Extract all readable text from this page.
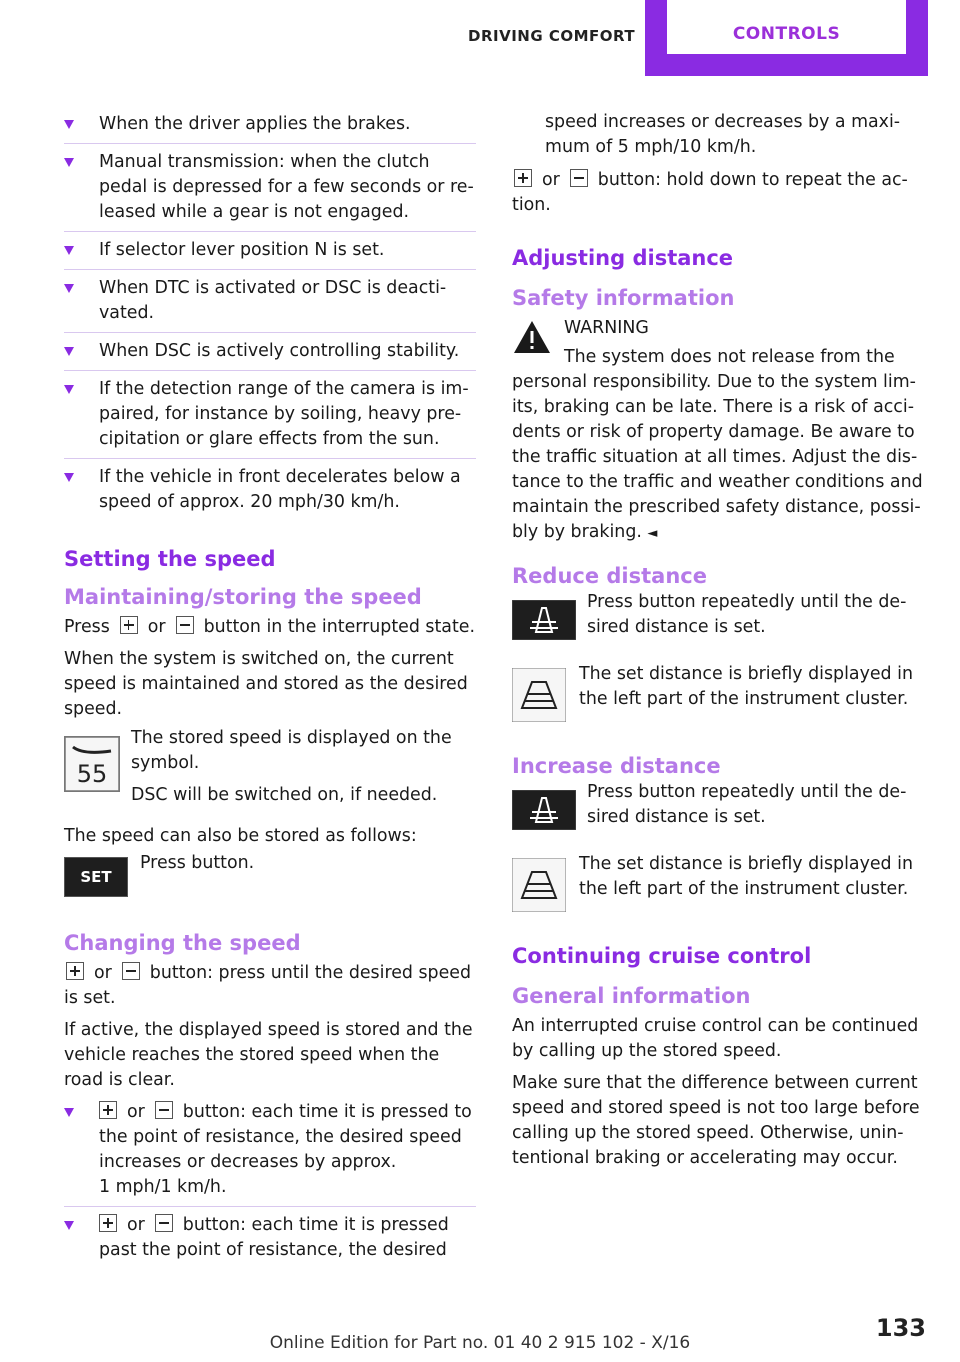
DRIVING COMFORT	CONTROLS
When the driver applies the brakes.
Manual transmission: when the clutch pedal is depressed for a few seconds or re‐leased while a gear is not engaged.
If selector lever position N is set.
When DTC is activated or DSC is deacti‐vated.
When DSC is actively controlling stability.
If the detection range of the camera is im‐paired, for instance by soiling, heavy pre‐cipitation or glare effects from the sun.
If the vehicle in front decelerates below a speed of approx. 20 mph/30 km/h.
Setting the speed
Maintaining/storing the speed

Press or button in the interrupted state.

When the system is switched on, the current speed is maintained and stored as the desired speed.

55

The stored speed is displayed on the symbol.

DSC will be switched on, if needed.

The speed can also be stored as follows:

SET

Press button.

Changing the speed

or button: press until the desired speed is set.

If active, the displayed speed is stored and the vehicle reaches the stored speed when the road is clear.

or button: each time it is pressed to the point of resistance, the desired speed increases or decreases by approx.
1 mph/1 km/h.
or button: each time it is pressed past the point of resistance, the desired

speed increases or decreases by a maxi‐mum of 5 mph/10 km/h.

or button: hold down to repeat the ac‐tion.

Adjusting distance
Safety information

WARNING

The system does not release from the

personal responsibility. Due to the system lim‐its, braking can be late. There is a risk of acci‐dents or risk of property damage. Be aware to the traffic situation at all times. Adjust the dis‐tance to the traffic and weather conditions and maintain the prescribed safety distance, possi‐bly by braking. ◄

Reduce distance

Press button repeatedly until the de‐sired distance is set.

The set distance is briefly displayed in the left part of the instrument cluster.

Increase distance

Press button repeatedly until the de‐sired distance is set.

The set distance is briefly displayed in the left part of the instrument cluster.

Continuing cruise control
General information

An interrupted cruise control can be continued by calling up the stored speed.

Make sure that the difference between current speed and stored speed is not too large before calling up the stored speed. Otherwise, unin‐tentional braking or accelerating may occur.

133
Online Edition for Part no. 01 40 2 915 102 - X/16
